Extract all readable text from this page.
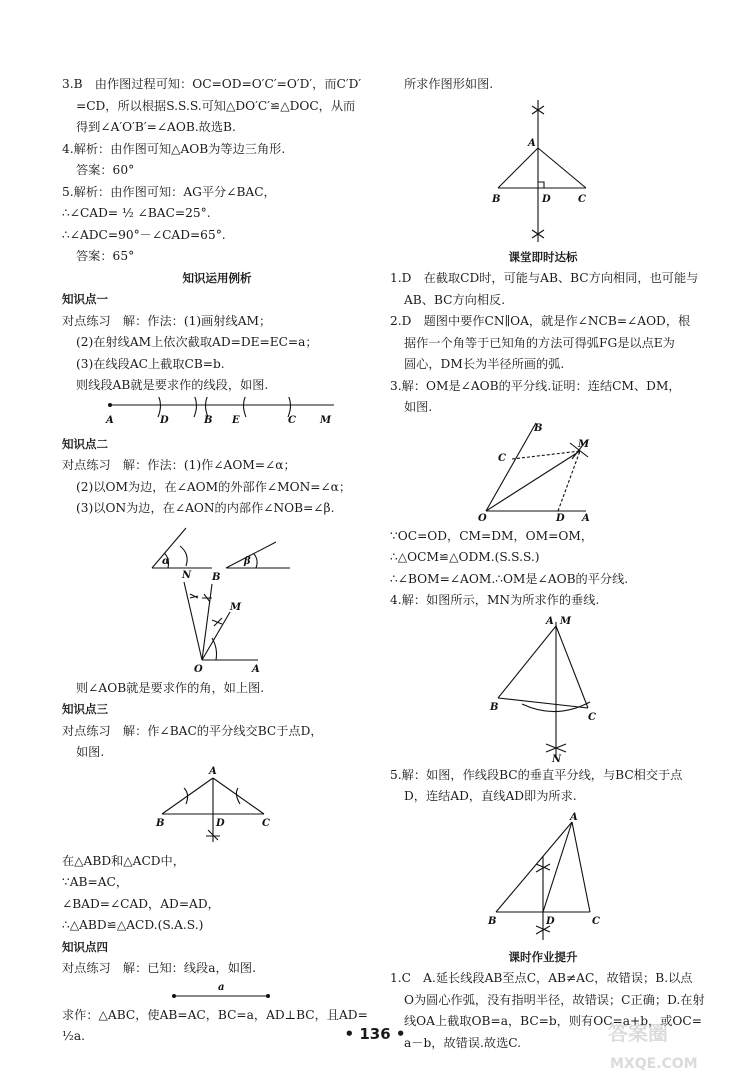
3.B　由作图过程可知：OC=OD=O′C′=O′D′，而C′D′

=CD，所以根据S.S.S.可知△DO′C′≌△DOC，从而

得到∠A′O′B′=∠AOB.故选B.

4.解析：由作图可知△AOB为等边三角形.

答案：60°

5.解析：由作图可知：AG平分∠BAC，

∴∠CAD= ½ ∠BAC=25°.

∴∠ADC=90°－∠CAD=65°.

答案：65°

知识运用例析

知识点一

对点练习　解：作法：(1)画射线AM；

(2)在射线AM上依次截取AD=DE=EC=a；

(3)在线段AC上截取CB=b.

则线段AB就是要求作的线段，如图.

A	D	B E	C M

知识点二

对点练习　解：作法：(1)作∠AOM=∠α；

(2)以OM为边，在∠AOM的外部作∠MON=∠α；

(3)以ON为边，在∠AON的内部作∠NOB=∠β.

α	β
N B
M
O	A

则∠AOB就是要求作的角，如上图.

知识点三

对点练习　解：作∠BAC的平分线交BC于点D，

如图.

A
B	D	C

在△ABD和△ACD中，

∵AB=AC，

∠BAD=∠CAD，AD=AD，

∴△ABD≌△ACD.(S.A.S.)

知识点四

对点练习　解：已知：线段a，如图.

a

求作：△ABC，使AB=AC，BC=a，AD⊥BC，且AD=

½a.

所求作图形如图.

A
B	D	C

课堂即时达标

1.D　在截取CD时，可能与AB、BC方向相同，也可能与

AB、BC方向相反.

2.D　题图中要作CN∥OA，就是作∠NCB=∠AOD，根

据作一个角等于已知角的方法可得弧FG是以点E为

圆心，DM长为半径所画的弧.

3.解：OM是∠AOB的平分线.证明：连结CM、DM，

如图.

B
C
M
O	D A

∵OC=OD，CM=DM，OM=OM，

∴△OCM≌△ODM.(S.S.S.)

∴∠BOM=∠AOM.∴OM是∠AOB的平分线.

4.解：如图所示，MN为所求作的垂线.

A M
B
C
N

5.解：如图，作线段BC的垂直平分线，与BC相交于点

D，连结AD，直线AD即为所求.

A
B	D	C

课时作业提升

1.C　A.延长线段AB至点C，AB≠AC，故错误；B.以点

O为圆心作弧，没有指明半径，故错误；C正确；D.在射

线OA上截取OB=a，BC=b，则有OC=a+b，或OC=

a－b，故错误.故选C.

• 136 •	答案圈
MXQE.COM
